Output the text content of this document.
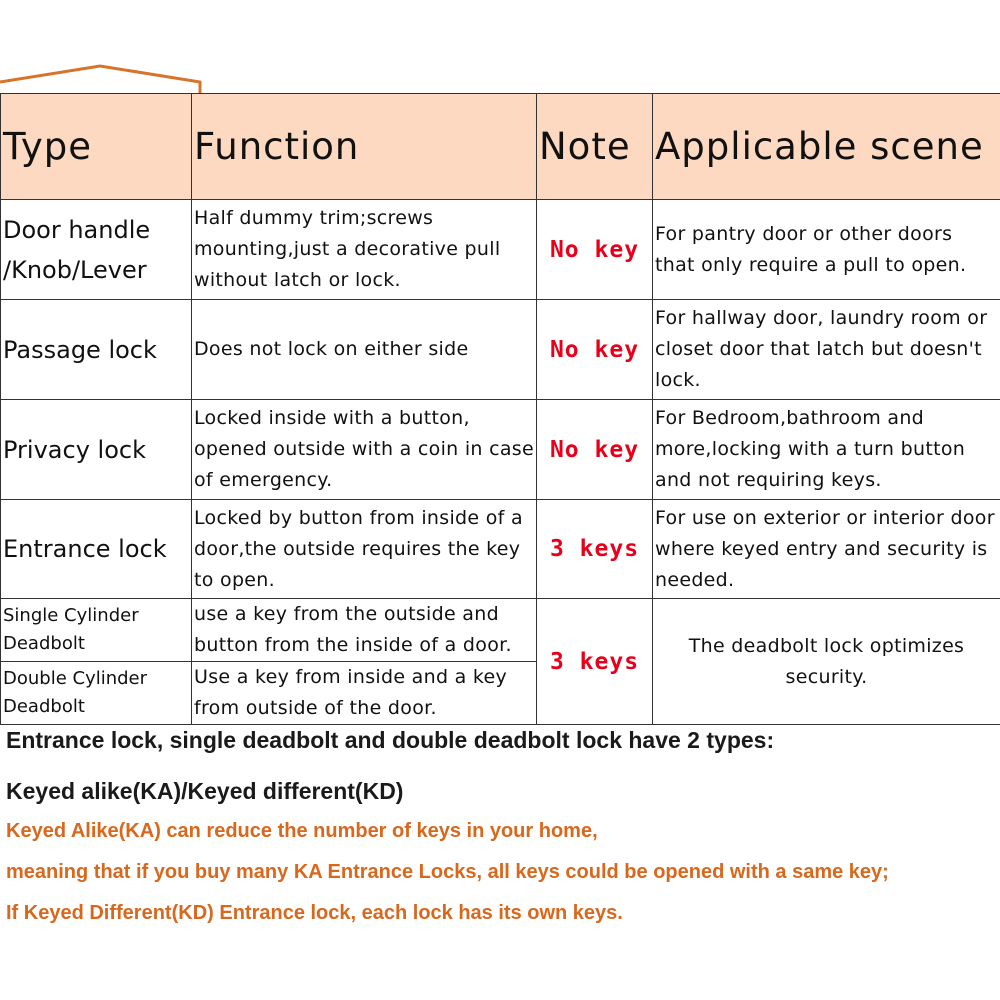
Type	Function	Note	Applicable scene
Door handle /Knob/Lever	Half dummy trim;screws mounting,just a decorative pull without latch or lock.	No key	For pantry door or other doors that only require a pull to open.
Passage lock	Does not lock on either side	No key	For hallway door, laundry room or closet door that latch but doesn't lock.
Privacy lock	Locked inside with a button, opened outside with a coin in case of emergency.	No key	For Bedroom,bathroom and more,locking with a turn button and not requiring keys.
Entrance lock	Locked by button from inside of a door,the outside requires the key to open.	3 keys	For use on exterior or interior door where keyed entry and security is needed.
Single Cylinder Deadbolt	use a key from the outside and button from the inside of a door.	3 keys	The deadbolt lock optimizes security.
Double Cylinder Deadbolt	Use a key from inside and a key from outside of the door.		
Entrance lock, single deadbolt and double deadbolt lock have 2 types:
Keyed alike(KA)/Keyed different(KD)
Keyed Alike(KA) can reduce the number of keys in your home,
meaning that if you buy many KA Entrance Locks, all keys could be opened with a same key;
If Keyed Different(KD) Entrance lock, each lock has its own keys.
